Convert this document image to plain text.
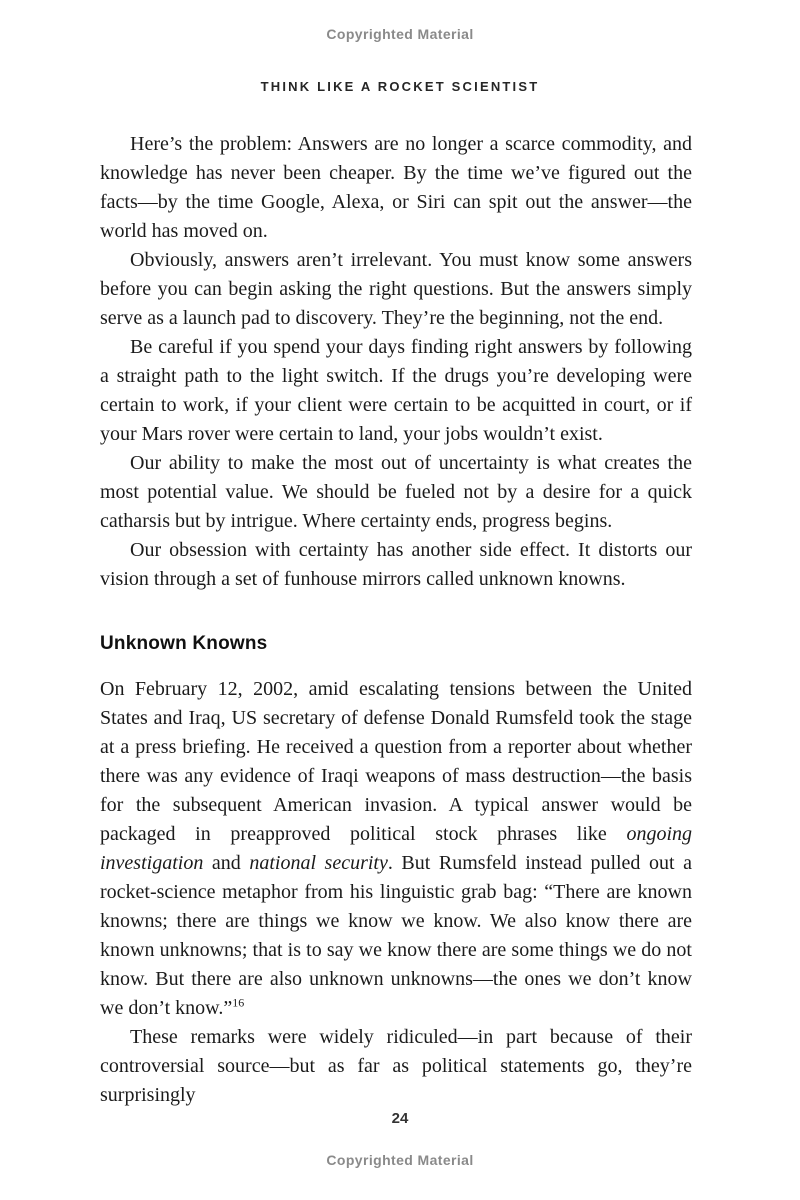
Copyrighted Material
THINK LIKE A ROCKET SCIENTIST

Here’s the problem: Answers are no longer a scarce commodity, and knowledge has never been cheaper. By the time we’ve figured out the facts—by the time Google, Alexa, or Siri can spit out the answer—the world has moved on.

Obviously, answers aren’t irrelevant. You must know some answers before you can begin asking the right questions. But the answers simply serve as a launch pad to discovery. They’re the beginning, not the end.

Be careful if you spend your days finding right answers by following a straight path to the light switch. If the drugs you’re developing were certain to work, if your client were certain to be acquitted in court, or if your Mars rover were certain to land, your jobs wouldn’t exist.

Our ability to make the most out of uncertainty is what creates the most potential value. We should be fueled not by a desire for a quick catharsis but by intrigue. Where certainty ends, progress begins.

Our obsession with certainty has another side effect. It distorts our vision through a set of funhouse mirrors called unknown knowns.

Unknown Knowns

On February 12, 2002, amid escalating tensions between the United States and Iraq, US secretary of defense Donald Rumsfeld took the stage at a press briefing. He received a question from a reporter about whether there was any evidence of Iraqi weapons of mass destruction—the basis for the subsequent American invasion. A typical answer would be packaged in preapproved political stock phrases like ongoing investigation and national security. But Rumsfeld instead pulled out a rocket-science metaphor from his linguistic grab bag: “There are known knowns; there are things we know we know. We also know there are known unknowns; that is to say we know there are some things we do not know. But there are also unknown unknowns—the ones we don’t know we don’t know.”$^{16}$

These remarks were widely ridiculed—in part because of their controversial source—but as far as political statements go, they’re surprisingly

24
Copyrighted Material
